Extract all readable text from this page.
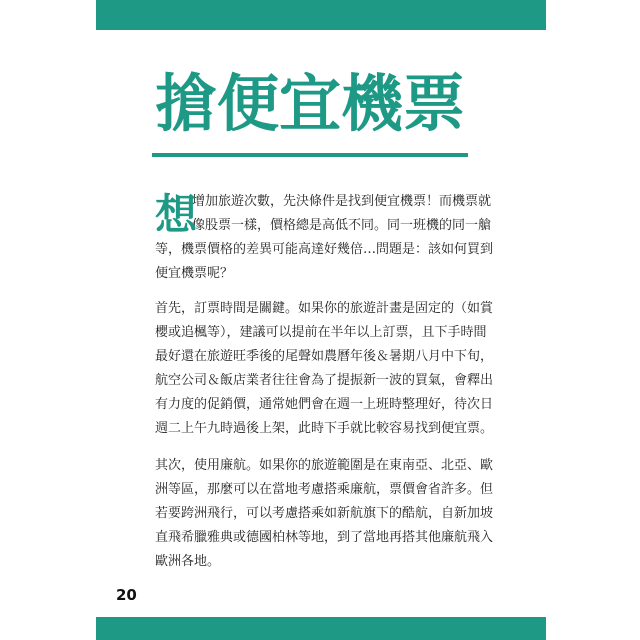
搶便宜機票
想

增加旅遊次數，先決條件是找到便宜機票！而機票就

像股票一樣，價格總是高低不同。同一班機的同一艙

等，機票價格的差異可能高達好幾倍…問題是：該如何買到

便宜機票呢？

首先，訂票時間是關鍵。如果你的旅遊計畫是固定的（如賞

櫻或追楓等），建議可以提前在半年以上訂票，且下手時間

最好還在旅遊旺季後的尾聲如農曆年後＆暑期八月中下旬，

航空公司＆飯店業者往往會為了提振新一波的買氣，會釋出

有力度的促銷價，通常她們會在週一上班時整理好，待次日

週二上午九時過後上架，此時下手就比較容易找到便宜票。

其次，使用廉航。如果你的旅遊範圍是在東南亞、北亞、歐

洲等區，那麼可以在當地考慮搭乘廉航，票價會省許多。但

若要跨洲飛行，可以考慮搭乘如新航旗下的酷航，自新加坡

直飛希臘雅典或德國柏林等地，到了當地再搭其他廉航飛入

歐洲各地。

20
